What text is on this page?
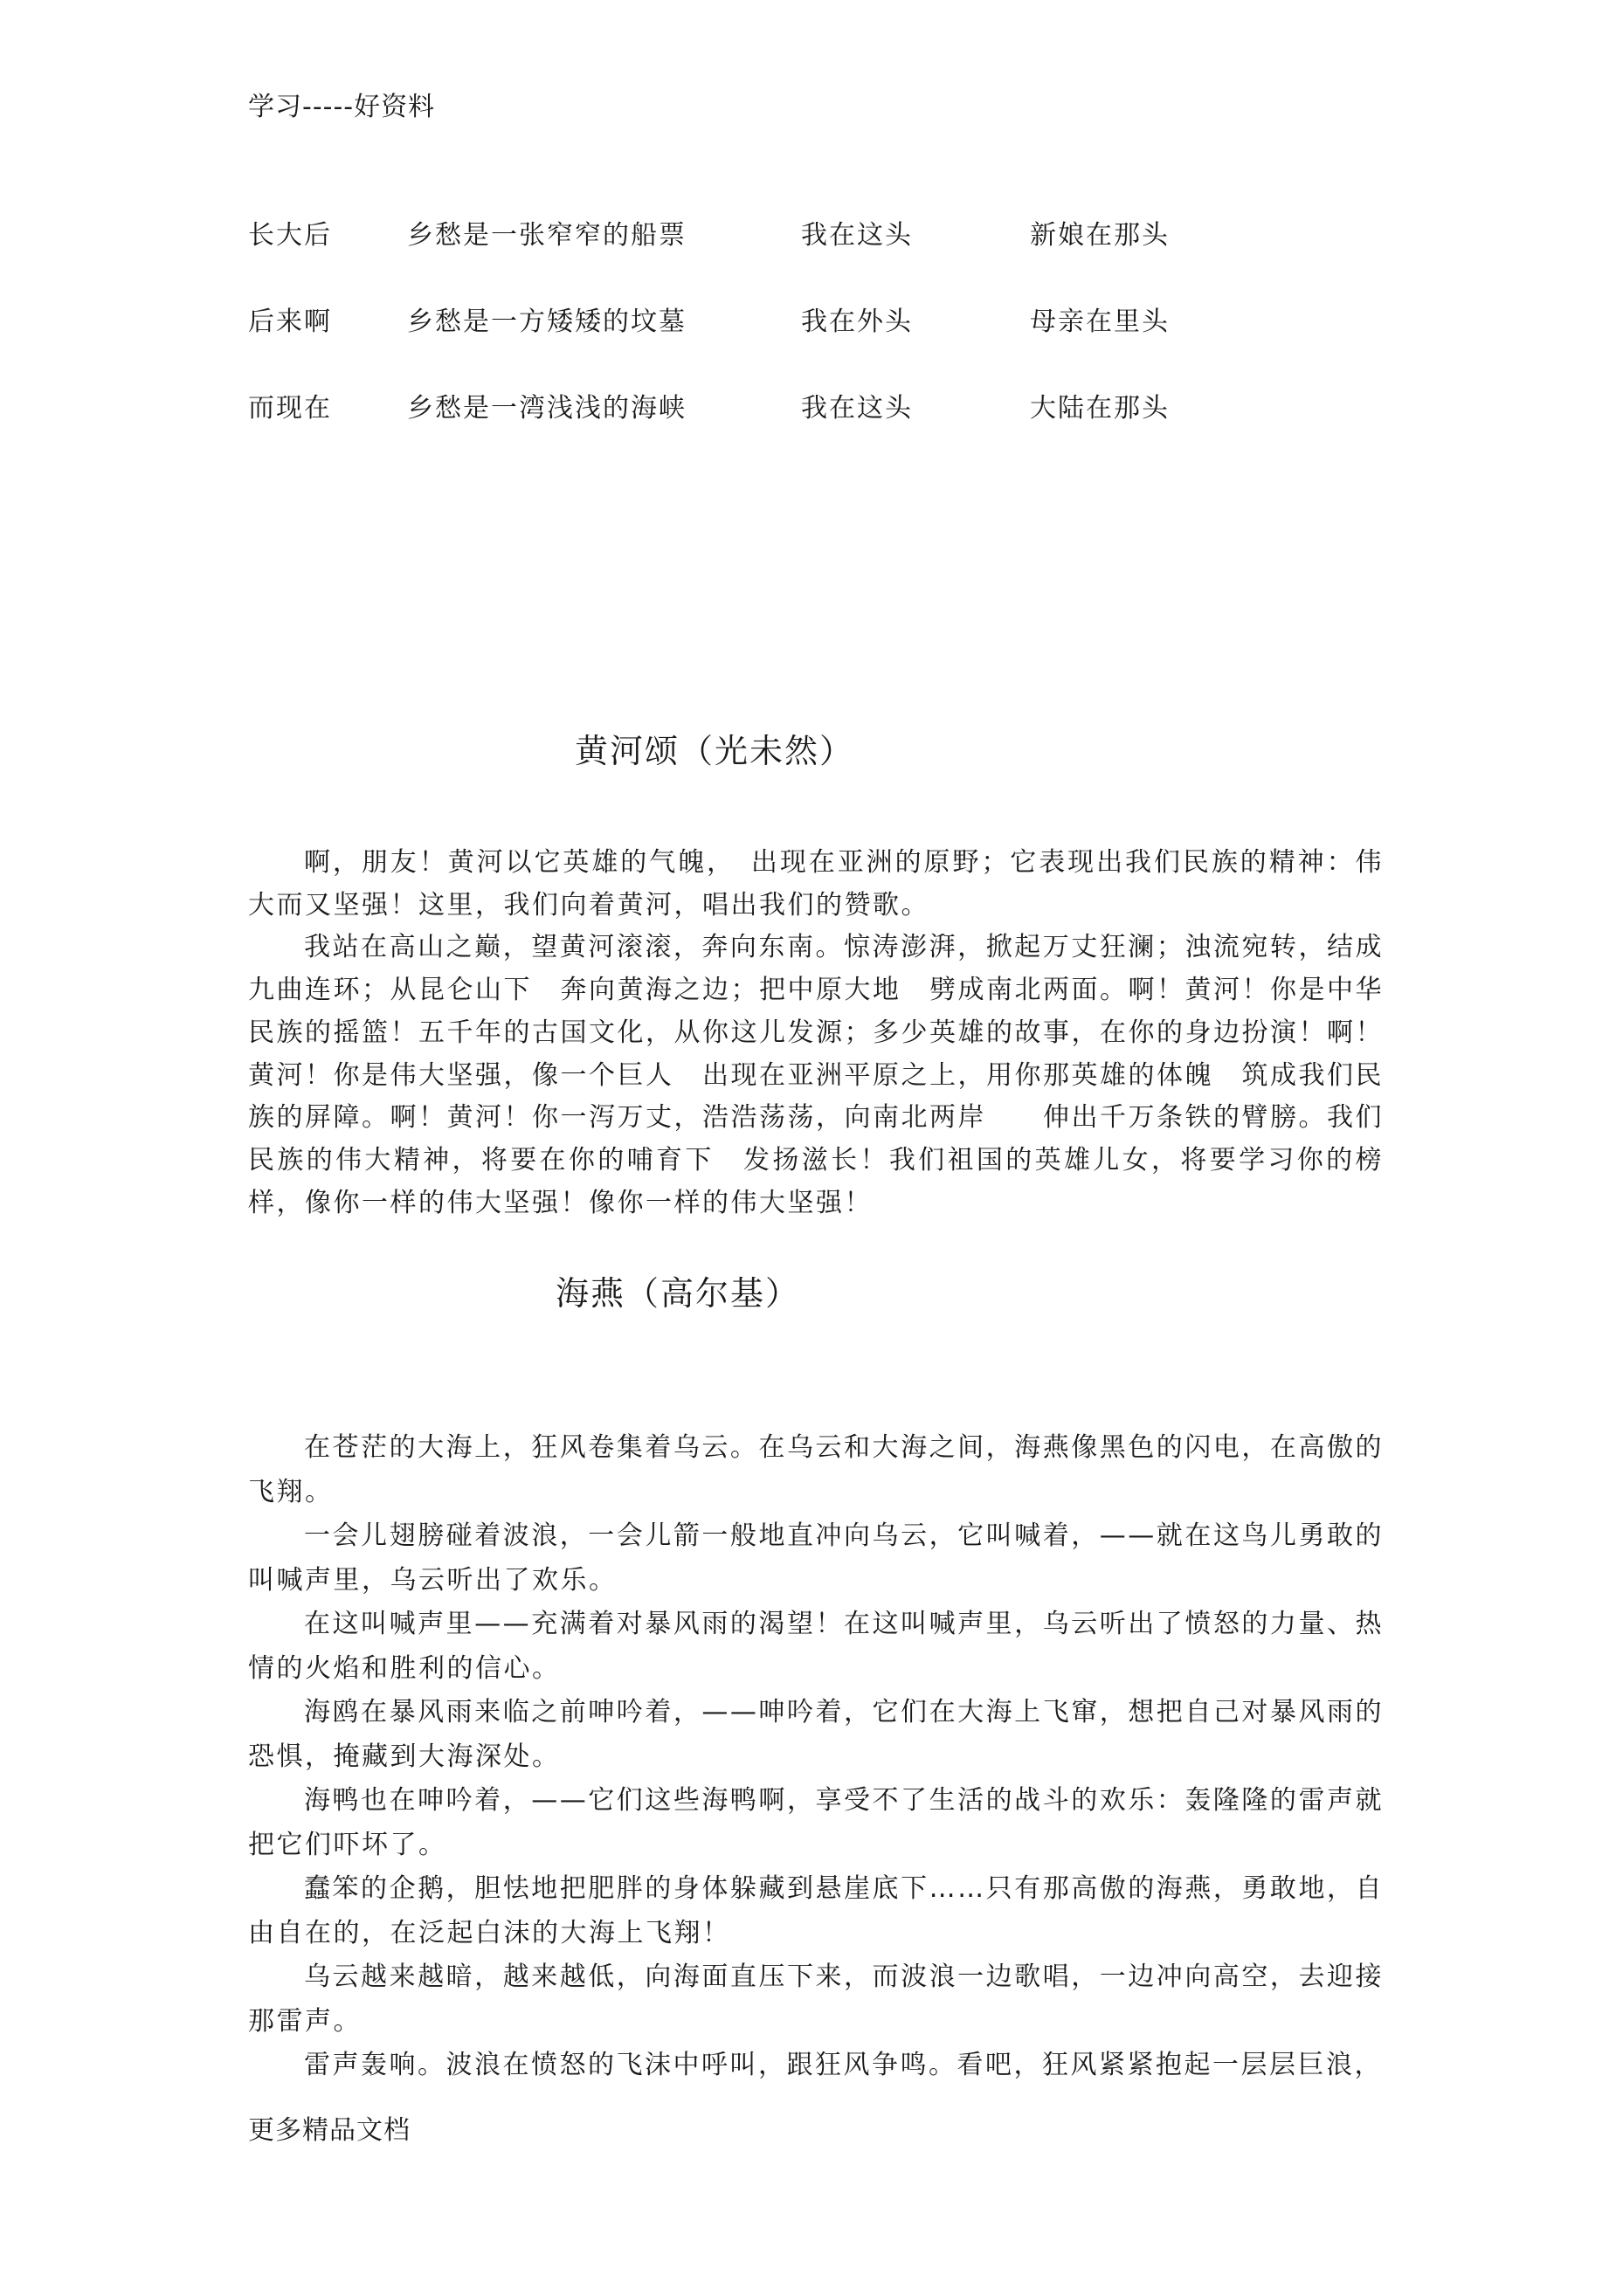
学习-----好资料
长大后	乡愁是一张窄窄的船票	我在这头	新娘在那头
后来啊	乡愁是一方矮矮的坟墓	我在外头	母亲在里头
而现在	乡愁是一湾浅浅的海峡	我在这头	大陆在那头
黄河颂（光未然）

啊，朋友！黄河以它英雄的气魄，　出现在亚洲的原野；它表现出我们民族的精神：伟大而又坚强！这里，我们向着黄河，唱出我们的赞歌。

我站在高山之巅，望黄河滚滚，奔向东南。惊涛澎湃，掀起万丈狂澜；浊流宛转，结成九曲连环；从昆仑山下　奔向黄海之边；把中原大地　劈成南北两面。啊！黄河！你是中华民族的摇篮！五千年的古国文化，从你这儿发源；多少英雄的故事，在你的身边扮演！啊！黄河！你是伟大坚强，像一个巨人　出现在亚洲平原之上，用你那英雄的体魄　筑成我们民族的屏障。啊！黄河！你一泻万丈，浩浩荡荡，向南北两岸　　伸出千万条铁的臂膀。我们民族的伟大精神，将要在你的哺育下　发扬滋长！我们祖国的英雄儿女，将要学习你的榜样，像你一样的伟大坚强！像你一样的伟大坚强！

海燕（高尔基）

在苍茫的大海上，狂风卷集着乌云。在乌云和大海之间，海燕像黑色的闪电，在高傲的飞翔。

一会儿翅膀碰着波浪，一会儿箭一般地直冲向乌云，它叫喊着，——就在这鸟儿勇敢的叫喊声里，乌云听出了欢乐。

在这叫喊声里——充满着对暴风雨的渴望！在这叫喊声里，乌云听出了愤怒的力量、热情的火焰和胜利的信心。

海鸥在暴风雨来临之前呻吟着，——呻吟着，它们在大海上飞窜，想把自己对暴风雨的恐惧，掩藏到大海深处。

海鸭也在呻吟着，——它们这些海鸭啊，享受不了生活的战斗的欢乐：轰隆隆的雷声就把它们吓坏了。

蠢笨的企鹅，胆怯地把肥胖的身体躲藏到悬崖底下……只有那高傲的海燕，勇敢地，自由自在的，在泛起白沫的大海上飞翔！

乌云越来越暗，越来越低，向海面直压下来，而波浪一边歌唱，一边冲向高空，去迎接那雷声。

雷声轰响。波浪在愤怒的飞沫中呼叫，跟狂风争鸣。看吧，狂风紧紧抱起一层层巨浪，

更多精品文档
